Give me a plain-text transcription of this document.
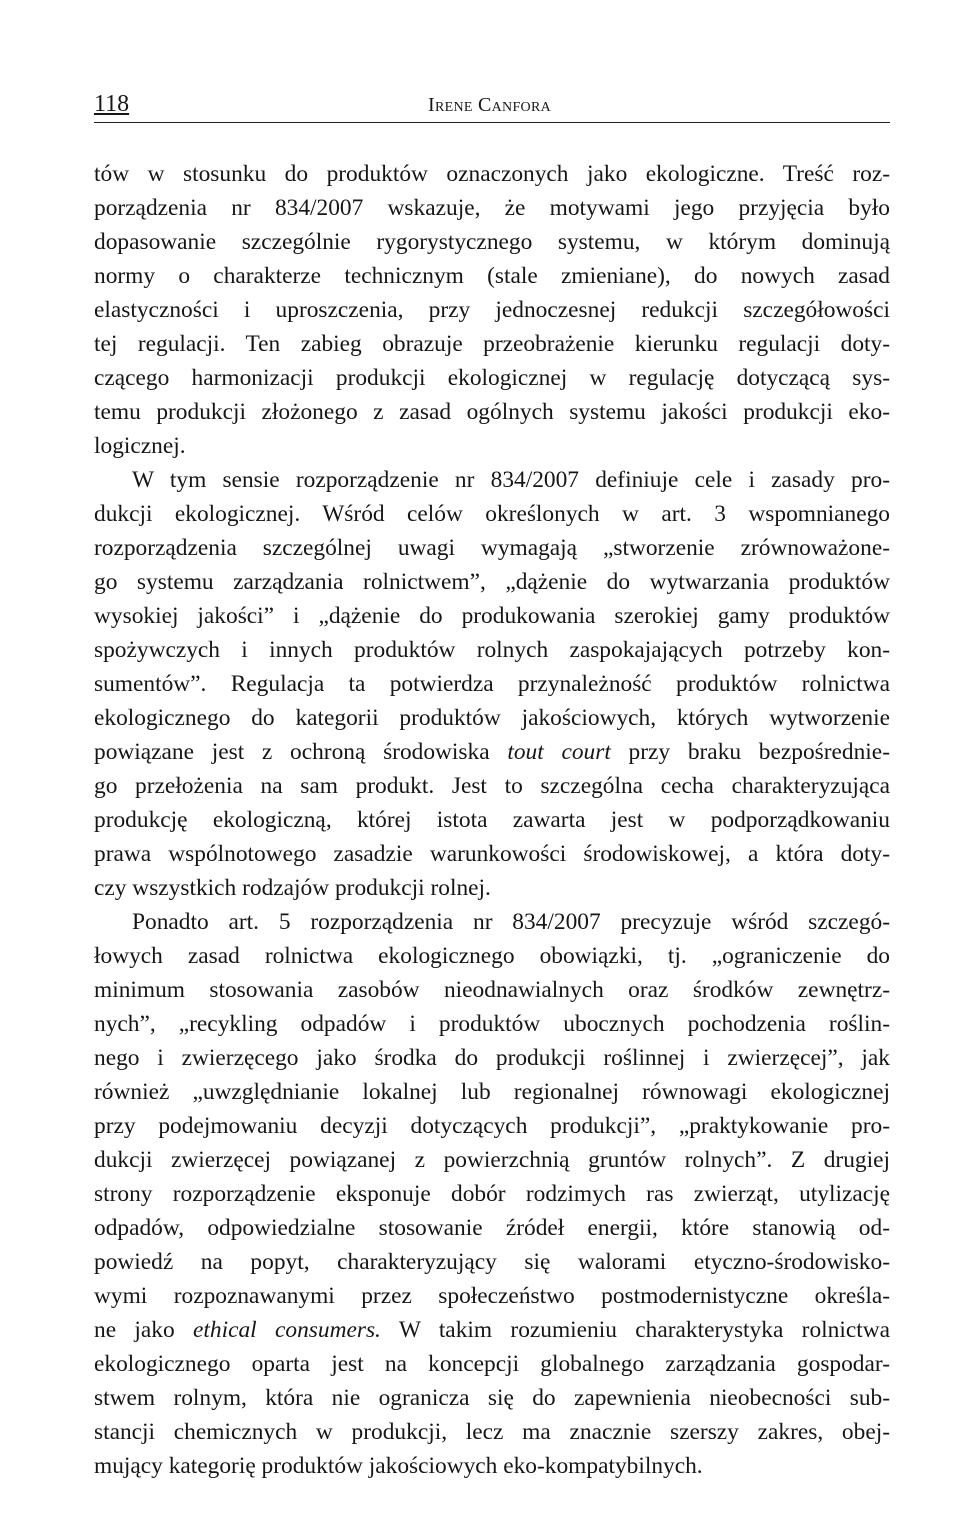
118	Irene Canfora
tów w stosunku do produktów oznaczonych jako ekologiczne. Treść roz-
porządzenia nr 834/2007 wskazuje, że motywami jego przyjęcia było
dopasowanie szczególnie rygorystycznego systemu, w którym dominują
normy o charakterze technicznym (stale zmieniane), do nowych zasad
elastyczności i uproszczenia, przy jednoczesnej redukcji szczegółowości
tej regulacji. Ten zabieg obrazuje przeobrażenie kierunku regulacji doty-
czącego harmonizacji produkcji ekologicznej w regulację dotyczącą sys-
temu produkcji złożonego z zasad ogólnych systemu jakości produkcji eko-
logicznej.
W tym sensie rozporządzenie nr 834/2007 definiuje cele i zasady pro-
dukcji ekologicznej. Wśród celów określonych w art. 3 wspomnianego
rozporządzenia szczególnej uwagi wymagają „stworzenie zrównoważone-
go systemu zarządzania rolnictwem”, „dążenie do wytwarzania produktów
wysokiej jakości” i „dążenie do produkowania szerokiej gamy produktów
spożywczych i innych produktów rolnych zaspokajających potrzeby kon-
sumentów”. Regulacja ta potwierdza przynależność produktów rolnictwa
ekologicznego do kategorii produktów jakościowych, których wytworzenie
powiązane jest z ochroną środowiska tout court przy braku bezpośrednie-
go przełożenia na sam produkt. Jest to szczególna cecha charakteryzująca
produkcję ekologiczną, której istota zawarta jest w podporządkowaniu
prawa wspólnotowego zasadzie warunkowości środowiskowej, a która doty-
czy wszystkich rodzajów produkcji rolnej.
Ponadto art. 5 rozporządzenia nr 834/2007 precyzuje wśród szczegó-
łowych zasad rolnictwa ekologicznego obowiązki, tj. „ograniczenie do
minimum stosowania zasobów nieodnawialnych oraz środków zewnętrz-
nych”, „recykling odpadów i produktów ubocznych pochodzenia roślin-
nego i zwierzęcego jako środka do produkcji roślinnej i zwierzęcej”, jak
również „uwzględnianie lokalnej lub regionalnej równowagi ekologicznej
przy podejmowaniu decyzji dotyczących produkcji”, „praktykowanie pro-
dukcji zwierzęcej powiązanej z powierzchnią gruntów rolnych”. Z drugiej
strony rozporządzenie eksponuje dobór rodzimych ras zwierząt, utylizację
odpadów, odpowiedzialne stosowanie źródeł energii, które stanowią od-
powiedź na popyt, charakteryzujący się walorami etyczno-środowisko-
wymi rozpoznawanymi przez społeczeństwo postmodernistyczne określa-
ne jako ethical consumers. W takim rozumieniu charakterystyka rolnictwa
ekologicznego oparta jest na koncepcji globalnego zarządzania gospodar-
stwem rolnym, która nie ogranicza się do zapewnienia nieobecności sub-
stancji chemicznych w produkcji, lecz ma znacznie szerszy zakres, obej-
mujący kategorię produktów jakościowych eko-kompatybilnych.
